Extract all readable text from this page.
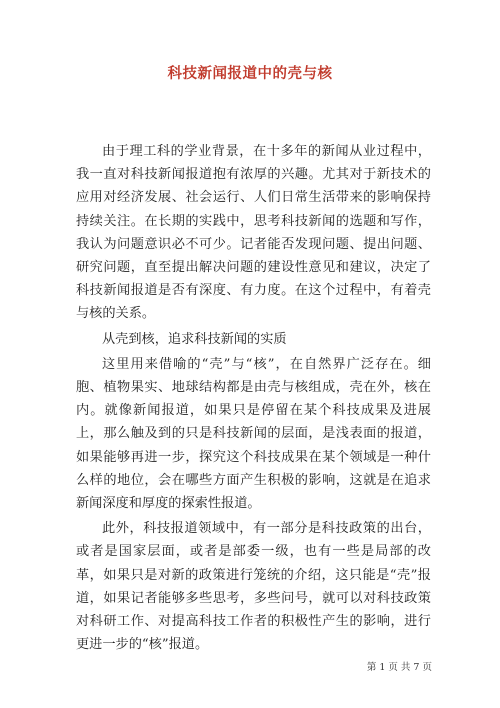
科技新闻报道中的壳与核

由于理工科的学业背景，在十多年的新闻从业过程中，我一直对科技新闻报道抱有浓厚的兴趣。尤其对于新技术的应用对经济发展、社会运行、人们日常生活带来的影响保持持续关注。在长期的实践中，思考科技新闻的选题和写作，我认为问题意识必不可少。记者能否发现问题、提出问题、研究问题，直至提出解决问题的建设性意见和建议，决定了科技新闻报道是否有深度、有力度。在这个过程中，有着壳与核的关系。

从壳到核，追求科技新闻的实质

这里用来借喻的“壳”与“核”，在自然界广泛存在。细胞、植物果实、地球结构都是由壳与核组成，壳在外，核在内。就像新闻报道，如果只是停留在某个科技成果及进展上，那么触及到的只是科技新闻的层面，是浅表面的报道，如果能够再进一步，探究这个科技成果在某个领域是一种什么样的地位，会在哪些方面产生积极的影响，这就是在追求新闻深度和厚度的探索性报道。

此外，科技报道领域中，有一部分是科技政策的出台，或者是国家层面，或者是部委一级，也有一些是局部的改革，如果只是对新的政策进行笼统的介绍，这只能是“壳”报道，如果记者能够多些思考，多些问号，就可以对科技政策对科研工作、对提高科技工作者的积极性产生的影响，进行更进一步的“核”报道。

第 1 页 共 7 页
